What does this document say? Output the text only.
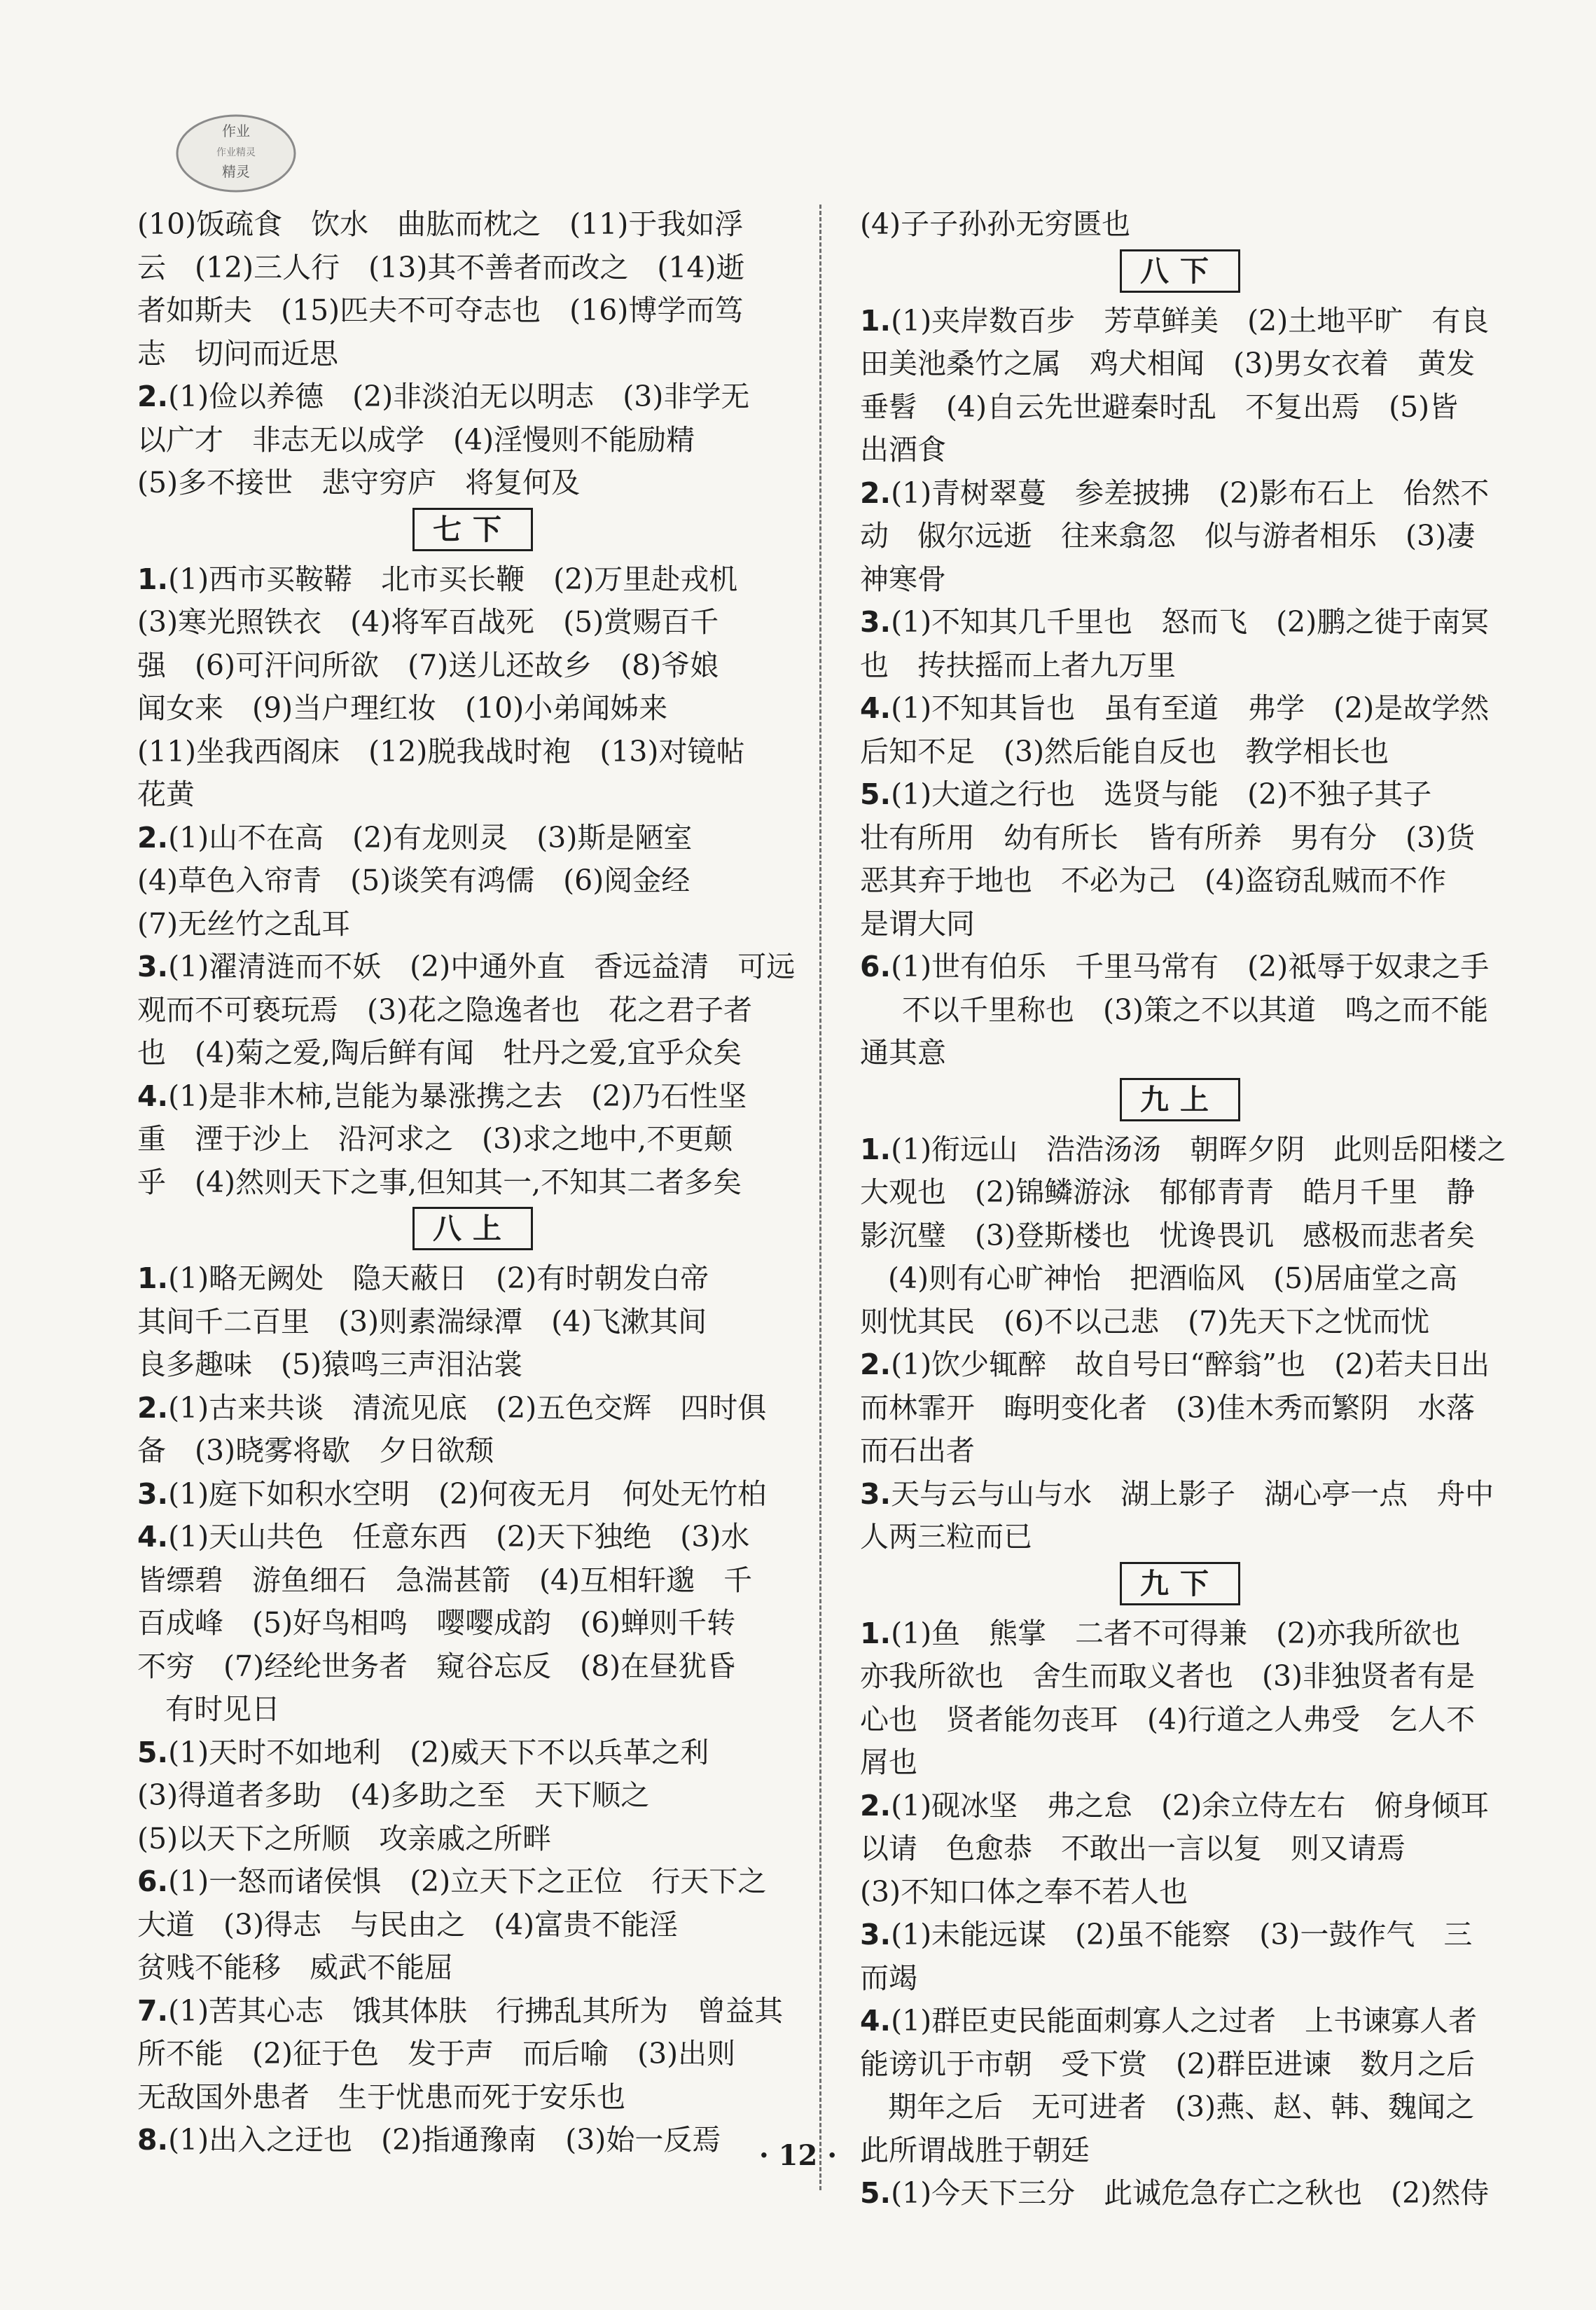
作业
作业精灵
精灵
(10)饭疏食　饮水　曲肱而枕之　(11)于我如浮
云　(12)三人行　(13)其不善者而改之　(14)逝
者如斯夫　(15)匹夫不可夺志也　(16)博学而笃
志　切问而近思
2.(1)俭以养德　(2)非淡泊无以明志　(3)非学无
以广才　非志无以成学　(4)淫慢则不能励精
(5)多不接世　悲守穷庐　将复何及
七下
1.(1)西市买鞍鞯　北市买长鞭　(2)万里赴戎机
(3)寒光照铁衣　(4)将军百战死　(5)赏赐百千
强　(6)可汗问所欲　(7)送儿还故乡　(8)爷娘
闻女来　(9)当户理红妆　(10)小弟闻姊来
(11)坐我西阁床　(12)脱我战时袍　(13)对镜帖
花黄
2.(1)山不在高　(2)有龙则灵　(3)斯是陋室
(4)草色入帘青　(5)谈笑有鸿儒　(6)阅金经
(7)无丝竹之乱耳
3.(1)濯清涟而不妖　(2)中通外直　香远益清　可远
观而不可亵玩焉　(3)花之隐逸者也　花之君子者
也　(4)菊之爱,陶后鲜有闻　牡丹之爱,宜乎众矣
4.(1)是非木柿,岂能为暴涨携之去　(2)乃石性坚
重　湮于沙上　沿河求之　(3)求之地中,不更颠
乎　(4)然则天下之事,但知其一,不知其二者多矣
八上
1.(1)略无阙处　隐天蔽日　(2)有时朝发白帝
其间千二百里　(3)则素湍绿潭　(4)飞漱其间
良多趣味　(5)猿鸣三声泪沾裳
2.(1)古来共谈　清流见底　(2)五色交辉　四时俱
备　(3)晓雾将歇　夕日欲颓
3.(1)庭下如积水空明　(2)何夜无月　何处无竹柏
4.(1)天山共色　任意东西　(2)天下独绝　(3)水
皆缥碧　游鱼细石　急湍甚箭　(4)互相轩邈　千
百成峰　(5)好鸟相鸣　嘤嘤成韵　(6)蝉则千转
不穷　(7)经纶世务者　窥谷忘反　(8)在昼犹昏
有时见日
5.(1)天时不如地利　(2)威天下不以兵革之利
(3)得道者多助　(4)多助之至　天下顺之
(5)以天下之所顺　攻亲戚之所畔
6.(1)一怒而诸侯惧　(2)立天下之正位　行天下之
大道　(3)得志　与民由之　(4)富贵不能淫
贫贱不能移　威武不能屈
7.(1)苦其心志　饿其体肤　行拂乱其所为　曾益其
所不能　(2)征于色　发于声　而后喻　(3)出则
无敌国外患者　生于忧患而死于安乐也
8.(1)出入之迂也　(2)指通豫南　(3)始一反焉
(4)子子孙孙无穷匮也
八下
1.(1)夹岸数百步　芳草鲜美　(2)土地平旷　有良
田美池桑竹之属　鸡犬相闻　(3)男女衣着　黄发
垂髫　(4)自云先世避秦时乱　不复出焉　(5)皆
出酒食
2.(1)青树翠蔓　参差披拂　(2)影布石上　佁然不
动　俶尔远逝　往来翕忽　似与游者相乐　(3)凄
神寒骨
3.(1)不知其几千里也　怒而飞　(2)鹏之徙于南冥
也　抟扶摇而上者九万里
4.(1)不知其旨也　虽有至道　弗学　(2)是故学然
后知不足　(3)然后能自反也　教学相长也
5.(1)大道之行也　选贤与能　(2)不独子其子
壮有所用　幼有所长　皆有所养　男有分　(3)货
恶其弃于地也　不必为己　(4)盗窃乱贼而不作
是谓大同
6.(1)世有伯乐　千里马常有　(2)祗辱于奴隶之手
不以千里称也　(3)策之不以其道　鸣之而不能
通其意
九上
1.(1)衔远山　浩浩汤汤　朝晖夕阴　此则岳阳楼之
大观也　(2)锦鳞游泳　郁郁青青　皓月千里　静
影沉璧　(3)登斯楼也　忧谗畏讥　感极而悲者矣
(4)则有心旷神怡　把酒临风　(5)居庙堂之高
则忧其民　(6)不以己悲　(7)先天下之忧而忧
2.(1)饮少辄醉　故自号曰“醉翁”也　(2)若夫日出
而林霏开　晦明变化者　(3)佳木秀而繁阴　水落
而石出者
3.天与云与山与水　湖上影子　湖心亭一点　舟中
人两三粒而已
九下
1.(1)鱼　熊掌　二者不可得兼　(2)亦我所欲也
亦我所欲也　舍生而取义者也　(3)非独贤者有是
心也　贤者能勿丧耳　(4)行道之人弗受　乞人不
屑也
2.(1)砚冰坚　弗之怠　(2)余立侍左右　俯身倾耳
以请　色愈恭　不敢出一言以复　则又请焉
(3)不知口体之奉不若人也
3.(1)未能远谋　(2)虽不能察　(3)一鼓作气　三
而竭
4.(1)群臣吏民能面刺寡人之过者　上书谏寡人者
能谤讥于市朝　受下赏　(2)群臣进谏　数月之后
期年之后　无可进者　(3)燕、赵、韩、魏闻之
此所谓战胜于朝廷
5.(1)今天下三分　此诚危急存亡之秋也　(2)然侍
· 12 ·
